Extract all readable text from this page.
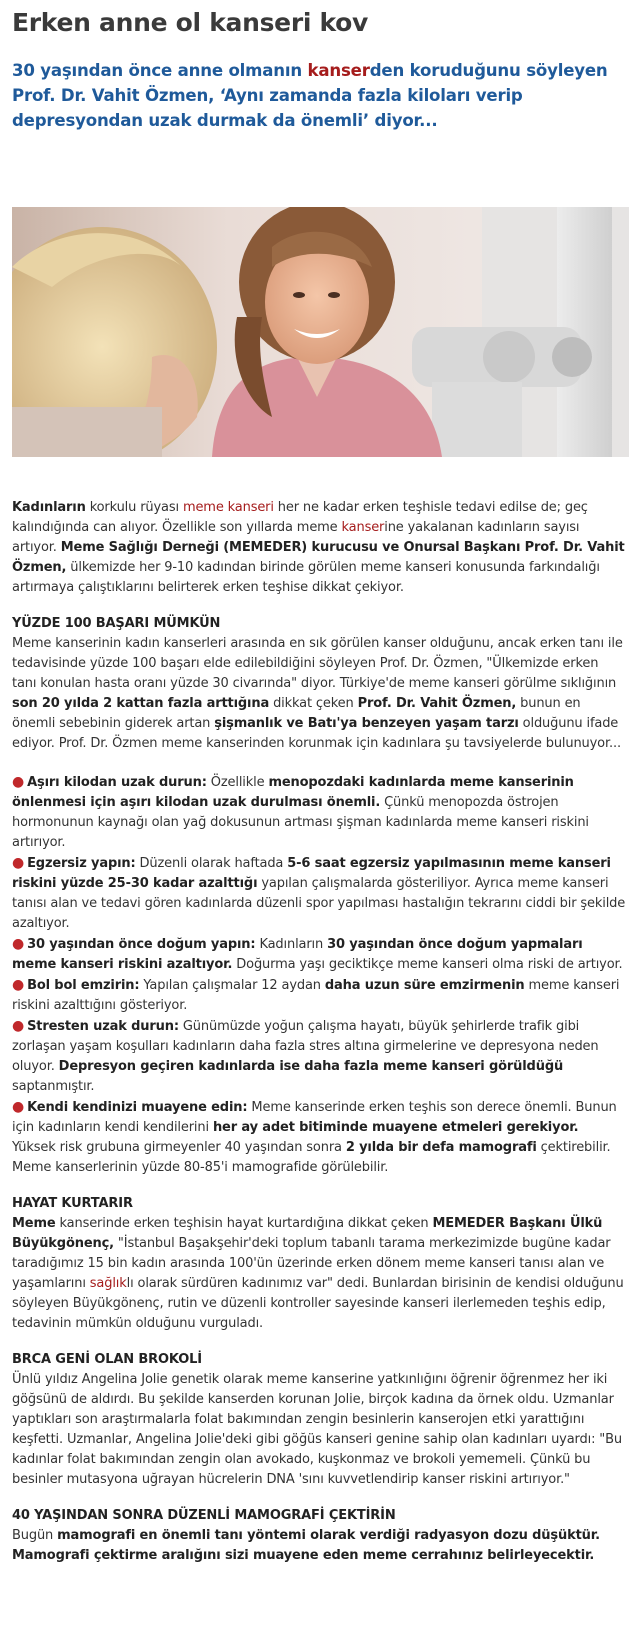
Erken anne ol kanseri kov
30 yaşından önce anne olmanın kanserden koruduğunu söyleyen Prof. Dr. Vahit Özmen, ‘Aynı zamanda fazla kiloları verip depresyondan uzak durmak da önemli’ diyor...

Kadınların korkulu rüyası meme kanseri her ne kadar erken teşhisle tedavi edilse de; geç kalındığında can alıyor. Özellikle son yıllarda meme kanserine yakalanan kadınların sayısı artıyor. Meme Sağlığı Derneği (MEMEDER) kurucusu ve Onursal Başkanı Prof. Dr. Vahit Özmen, ülkemizde her 9-10 kadından birinde görülen meme kanseri konusunda farkındalığı artırmaya çalıştıklarını belirterek erken teşhise dikkat çekiyor.

YÜZDE 100 BAŞARI MÜMKÜN

Meme kanserinin kadın kanserleri arasında en sık görülen kanser olduğunu, ancak erken tanı ile tedavisinde yüzde 100 başarı elde edilebildiğini söyleyen Prof. Dr. Özmen, "Ülkemizde erken tanı konulan hasta oranı yüzde 30 civarında" diyor. Türkiye'de meme kanseri görülme sıklığının son 20 yılda 2 kattan fazla arttığına dikkat çeken Prof. Dr. Vahit Özmen, bunun en önemli sebebinin giderek artan şişmanlık ve Batı'ya benzeyen yaşam tarzı olduğunu ifade ediyor. Prof. Dr. Özmen meme kanserinden korunmak için kadınlara şu tavsiyelerde bulunuyor...

● Aşırı kilodan uzak durun: Özellikle menopozdaki kadınlarda meme kanserinin önlenmesi için aşırı kilodan uzak durulması önemli. Çünkü menopozda östrojen hormonunun kaynağı olan yağ dokusunun artması şişman kadınlarda meme kanseri riskini artırıyor.

● Egzersiz yapın: Düzenli olarak haftada 5-6 saat egzersiz yapılmasının meme kanseri riskini yüzde 25-30 kadar azalttığı yapılan çalışmalarda gösteriliyor. Ayrıca meme kanseri tanısı alan ve tedavi gören kadınlarda düzenli spor yapılması hastalığın tekrarını ciddi bir şekilde azaltıyor.

● 30 yaşından önce doğum yapın: Kadınların 30 yaşından önce doğum yapmaları meme kanseri riskini azaltıyor. Doğurma yaşı geciktikçe meme kanseri olma riski de artıyor.

● Bol bol emzirin: Yapılan çalışmalar 12 aydan daha uzun süre emzirmenin meme kanseri riskini azalttığını gösteriyor.

● Stresten uzak durun: Günümüzde yoğun çalışma hayatı, büyük şehirlerde trafik gibi zorlaşan yaşam koşulları kadınların daha fazla stres altına girmelerine ve depresyona neden oluyor. Depresyon geçiren kadınlarda ise daha fazla meme kanseri görüldüğü saptanmıştır.

● Kendi kendinizi muayene edin: Meme kanserinde erken teşhis son derece önemli. Bunun için kadınların kendi kendilerini her ay adet bitiminde muayene etmeleri gerekiyor. Yüksek risk grubuna girmeyenler 40 yaşından sonra 2 yılda bir defa mamografi çektirebilir. Meme kanserlerinin yüzde 80-85'i mamografide görülebilir.

HAYAT KURTARIR

Meme kanserinde erken teşhisin hayat kurtardığına dikkat çeken MEMEDER Başkanı Ülkü Büyükgönenç, "İstanbul Başakşehir'deki toplum tabanlı tarama merkezimizde bugüne kadar taradığımız 15 bin kadın arasında 100'ün üzerinde erken dönem meme kanseri tanısı alan ve yaşamlarını sağlıklı olarak sürdüren kadınımız var" dedi. Bunlardan birisinin de kendisi olduğunu söyleyen Büyükgönenç, rutin ve düzenli kontroller sayesinde kanseri ilerlemeden teşhis edip, tedavinin mümkün olduğunu vurguladı.

BRCA GENİ OLAN BROKOLİ

Ünlü yıldız Angelina Jolie genetik olarak meme kanserine yatkınlığını öğrenir öğrenmez her iki göğsünü de aldırdı. Bu şekilde kanserden korunan Jolie, birçok kadına da örnek oldu. Uzmanlar yaptıkları son araştırmalarla folat bakımından zengin besinlerin kanserojen etki yarattığını keşfetti. Uzmanlar, Angelina Jolie'deki gibi göğüs kanseri genine sahip olan kadınları uyardı: "Bu kadınlar folat bakımından zengin olan avokado, kuşkonmaz ve brokoli yememeli. Çünkü bu besinler mutasyona uğrayan hücrelerin DNA 'sını kuvvetlendirip kanser riskini artırıyor."

40 YAŞINDAN SONRA DÜZENLİ MAMOGRAFİ ÇEKTİRİN

Bugün mamografi en önemli tanı yöntemi olarak verdiği radyasyon dozu düşüktür. Mamografi çektirme aralığını sizi muayene eden meme cerrahınız belirleyecektir.
